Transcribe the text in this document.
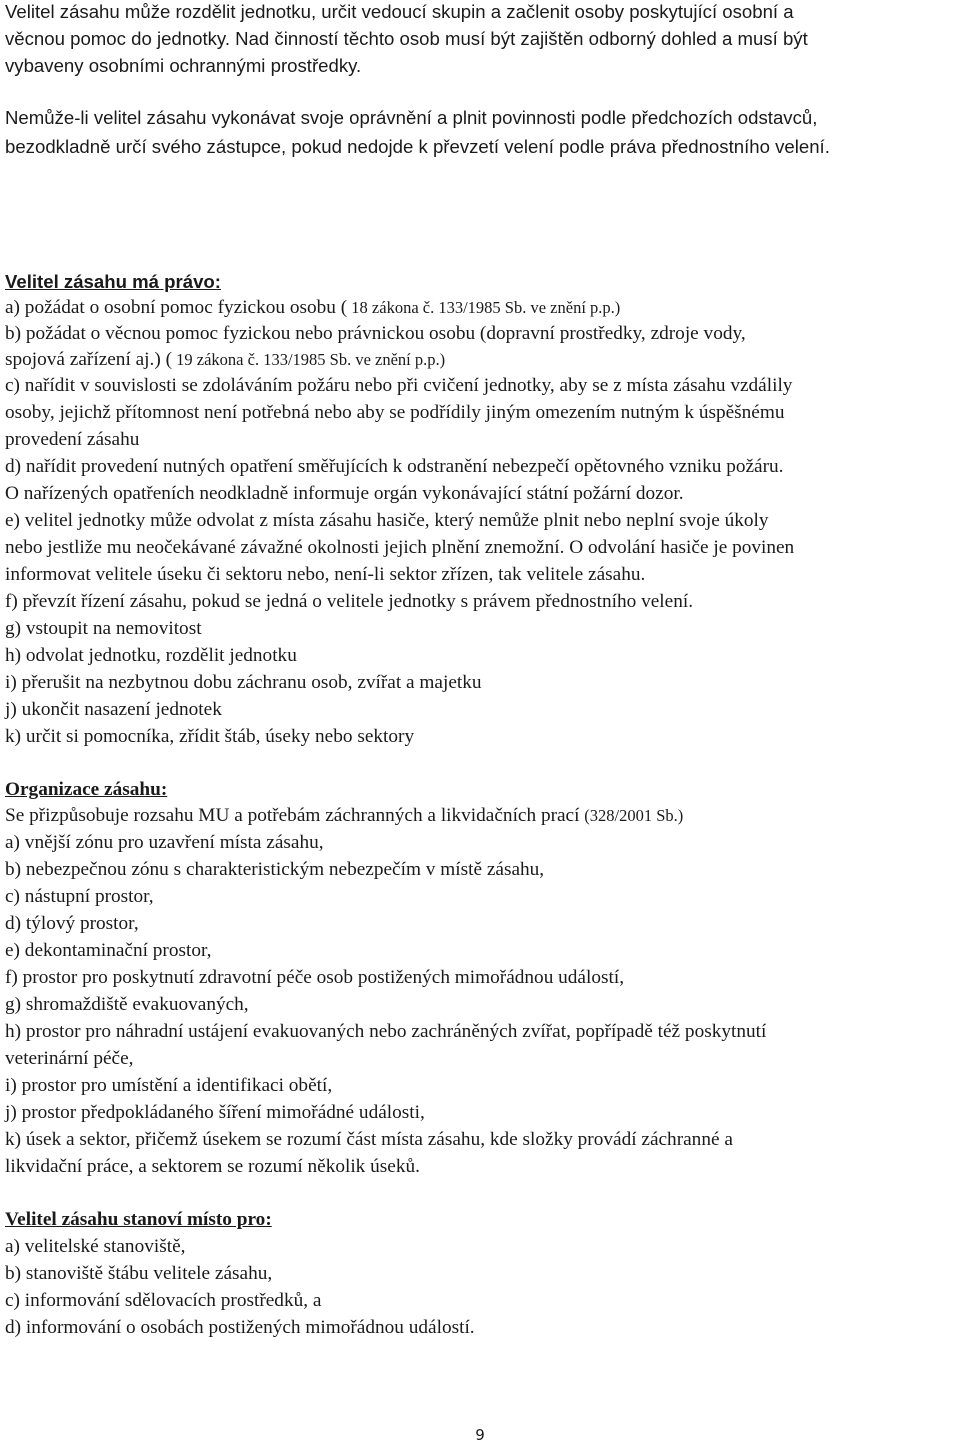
Velitel zásahu může rozdělit jednotku, určit vedoucí skupin a začlenit osoby poskytující osobní a
věcnou pomoc do jednotky. Nad činností těchto osob musí být zajištěn odborný dohled a musí být
vybaveny osobními ochrannými prostředky.
Nemůže-li velitel zásahu vykonávat svoje oprávnění a plnit povinnosti podle předchozích odstavců,
bezodkladně určí svého zástupce, pokud nedojde k převzetí velení podle práva přednostního velení.
Velitel zásahu má právo:
a) požádat o osobní pomoc fyzickou osobu ( 18 zákona č. 133/1985 Sb. ve znění p.p.)
b) požádat o věcnou pomoc fyzickou nebo právnickou osobu (dopravní prostředky, zdroje vody,
spojová zařízení aj.) ( 19 zákona č. 133/1985 Sb. ve znění p.p.)
c) nařídit v souvislosti se zdoláváním požáru nebo při cvičení jednotky, aby se z místa zásahu vzdálily
osoby, jejichž přítomnost není potřebná nebo aby se podřídily jiným omezením nutným k úspěšnému
provedení zásahu
d) nařídit provedení nutných opatření směřujících k odstranění nebezpečí opětovného vzniku požáru.
O nařízených opatřeních neodkladně informuje orgán vykonávající státní požární dozor.
e) velitel jednotky může odvolat z místa zásahu hasiče, který nemůže plnit nebo neplní svoje úkoly
nebo jestliže mu neočekávané závažné okolnosti jejich plnění znemožní. O odvolání hasiče je povinen
informovat velitele úseku či sektoru nebo, není-li sektor zřízen, tak velitele zásahu.
f) převzít řízení zásahu, pokud se jedná o velitele jednotky s právem přednostního velení.
g) vstoupit na nemovitost
h) odvolat jednotku, rozdělit jednotku
i) přerušit na nezbytnou dobu záchranu osob, zvířat a majetku
j) ukončit nasazení jednotek
k) určit si pomocníka, zřídit štáb, úseky nebo sektory
Organizace zásahu:
Se přizpůsobuje rozsahu MU a potřebám záchranných a likvidačních prací (328/2001 Sb.)
a) vnější zónu pro uzavření místa zásahu,
b) nebezpečnou zónu s charakteristickým nebezpečím v místě zásahu,
c) nástupní prostor,
d) týlový prostor,
e) dekontaminační prostor,
f) prostor pro poskytnutí zdravotní péče osob postižených mimořádnou událostí,
g) shromaždiště evakuovaných,
h) prostor pro náhradní ustájení evakuovaných nebo zachráněných zvířat, popřípadě též poskytnutí
veterinární péče,
i) prostor pro umístění a identifikaci obětí,
j) prostor předpokládaného šíření mimořádné události,
k) úsek a sektor, přičemž úsekem se rozumí část místa zásahu, kde složky provádí záchranné a
likvidační práce, a sektorem se rozumí několik úseků.
Velitel zásahu stanoví místo pro:
a) velitelské stanoviště,
b) stanoviště štábu velitele zásahu,
c) informování sdělovacích prostředků, a
d) informování o osobách postižených mimořádnou událostí.
9
